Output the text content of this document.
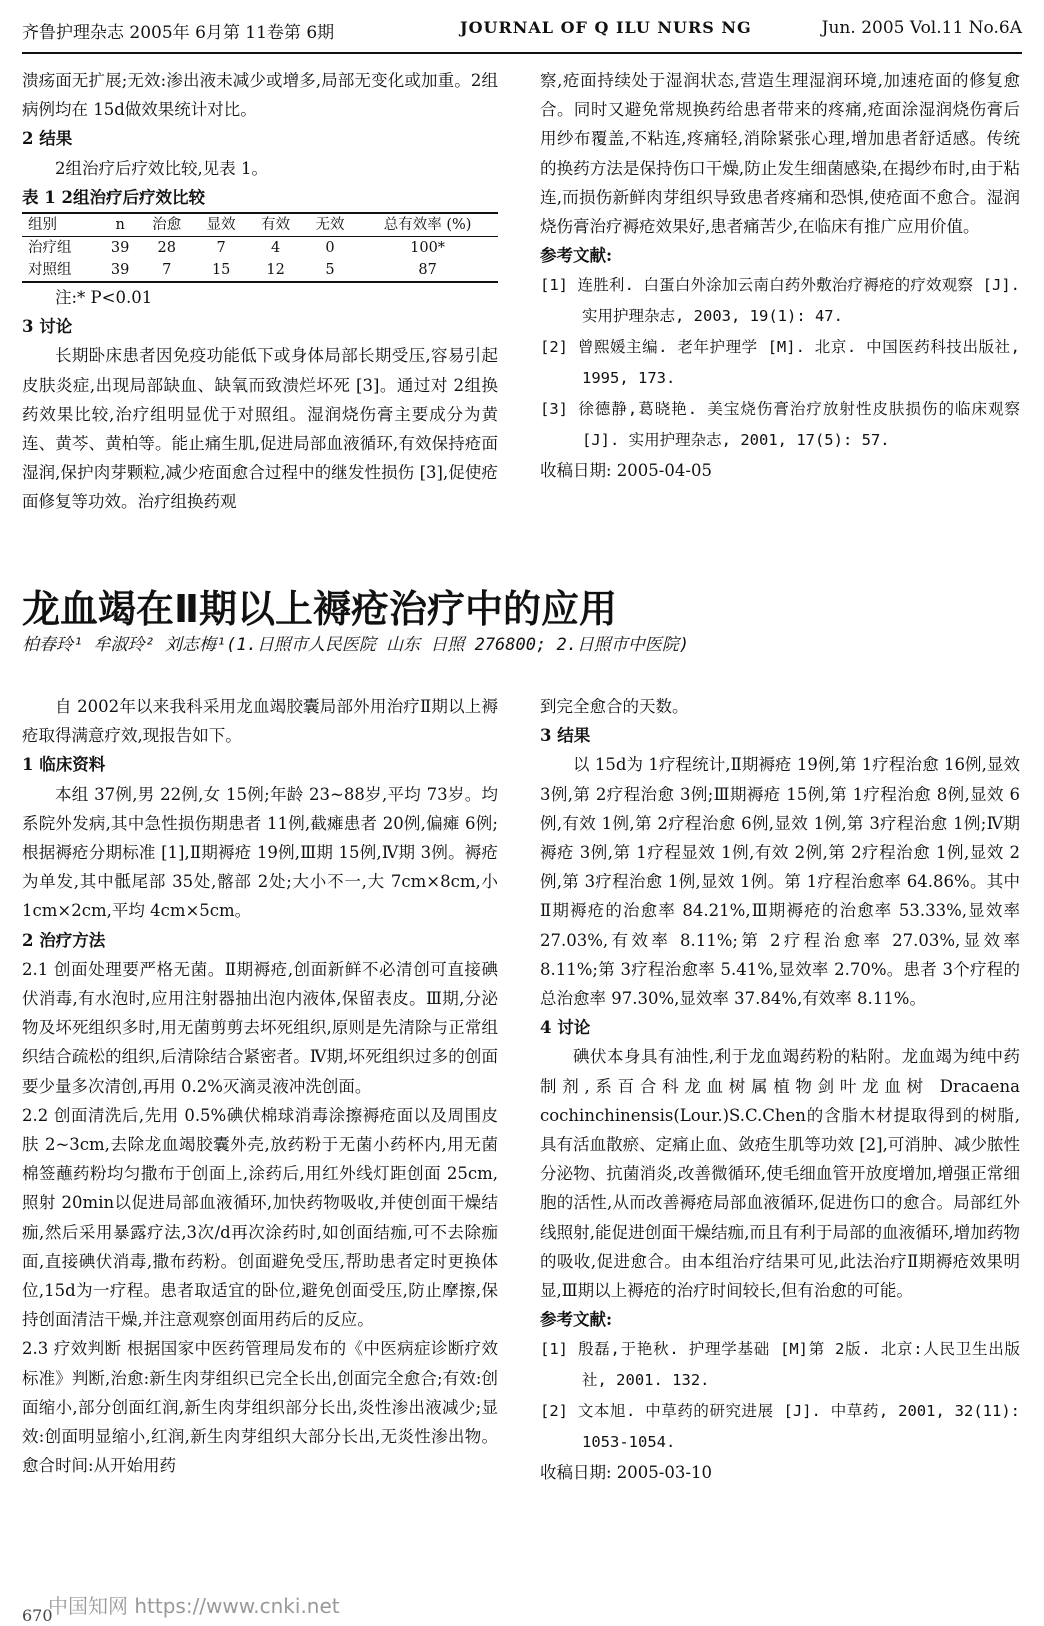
齐鲁护理杂志 2005年 6月第 11卷第 6期	JOURNAL OF Q ILU NURS NG	Jun. 2005 Vol.11 No.6A

溃疡面无扩展;无效:渗出液未减少或增多,局部无变化或加重。2组病例均在 15d做效果统计对比。

2 结果

2组治疗后疗效比较,见表 1。

表 1 2组治疗后疗效比较

组别	n	治愈	显效	有效	无效	总有效率 (%)
治疗组	39	28	7	4	0	100*
对照组	39	7	15	12	5	87

注:* P<0.01

3 讨论

长期卧床患者因免疫功能低下或身体局部长期受压,容易引起皮肤炎症,出现局部缺血、缺氧而致溃烂坏死 [3]。通过对 2组换药效果比较,治疗组明显优于对照组。湿润烧伤膏主要成分为黄连、黄芩、黄柏等。能止痛生肌,促进局部血液循环,有效保持疮面湿润,保护肉芽颗粒,减少疮面愈合过程中的继发性损伤 [3],促使疮面修复等功效。治疗组换药观

察,疮面持续处于湿润状态,营造生理湿润环境,加速疮面的修复愈合。同时又避免常规换药给患者带来的疼痛,疮面涂湿润烧伤膏后用纱布覆盖,不粘连,疼痛轻,消除紧张心理,增加患者舒适感。传统的换药方法是保持伤口干燥,防止发生细菌感染,在揭纱布时,由于粘连,而损伤新鲜肉芽组织导致患者疼痛和恐惧,使疮面不愈合。湿润烧伤膏治疗褥疮效果好,患者痛苦少,在临床有推广应用价值。

参考文献:

[1] 连胜利. 白蛋白外涂加云南白药外敷治疗褥疮的疗效观察 [J]. 实用护理杂志, 2003, 19(1): 47.

[2] 曾熙媛主编. 老年护理学 [M]. 北京. 中国医药科技出版社, 1995, 173.

[3] 徐德静,葛晓艳. 美宝烧伤膏治疗放射性皮肤损伤的临床观察 [J]. 实用护理杂志, 2001, 17(5): 57.

收稿日期: 2005-04-05

龙血竭在Ⅱ期以上褥疮治疗中的应用
柏春玲¹ 牟淑玲² 刘志梅¹(1.日照市人民医院 山东 日照 276800; 2.日照市中医院)

自 2002年以来我科采用龙血竭胶囊局部外用治疗Ⅱ期以上褥疮取得满意疗效,现报告如下。

1 临床资料

本组 37例,男 22例,女 15例;年龄 23~88岁,平均 73岁。均系院外发病,其中急性损伤期患者 11例,截瘫患者 20例,偏瘫 6例;根据褥疮分期标准 [1],Ⅱ期褥疮 19例,Ⅲ期 15例,Ⅳ期 3例。褥疮为单发,其中骶尾部 35处,髂部 2处;大小不一,大 7cm×8cm,小 1cm×2cm,平均 4cm×5cm。

2 治疗方法

2.1 创面处理要严格无菌。Ⅱ期褥疮,创面新鲜不必清创可直接碘伏消毒,有水泡时,应用注射器抽出泡内液体,保留表皮。Ⅲ期,分泌物及坏死组织多时,用无菌剪剪去坏死组织,原则是先清除与正常组织结合疏松的组织,后清除结合紧密者。Ⅳ期,坏死组织过多的创面要少量多次清创,再用 0.2%灭滴灵液冲洗创面。

2.2 创面清洗后,先用 0.5%碘伏棉球消毒涂擦褥疮面以及周围皮肤 2~3cm,去除龙血竭胶囊外壳,放药粉于无菌小药杯内,用无菌棉签蘸药粉均匀撒布于创面上,涂药后,用红外线灯距创面 25cm,照射 20min以促进局部血液循环,加快药物吸收,并使创面干燥结痂,然后采用暴露疗法,3次/d再次涂药时,如创面结痂,可不去除痂面,直接碘伏消毒,撒布药粉。创面避免受压,帮助患者定时更换体位,15d为一疗程。患者取适宜的卧位,避免创面受压,防止摩擦,保持创面清洁干燥,并注意观察创面用药后的反应。

2.3 疗效判断 根据国家中医药管理局发布的《中医病症诊断疗效标准》判断,治愈:新生肉芽组织已完全长出,创面完全愈合;有效:创面缩小,部分创面红润,新生肉芽组织部分长出,炎性渗出液减少;显效:创面明显缩小,红润,新生肉芽组织大部分长出,无炎性渗出物。愈合时间:从开始用药

到完全愈合的天数。

3 结果

以 15d为 1疗程统计,Ⅱ期褥疮 19例,第 1疗程治愈 16例,显效 3例,第 2疗程治愈 3例;Ⅲ期褥疮 15例,第 1疗程治愈 8例,显效 6例,有效 1例,第 2疗程治愈 6例,显效 1例,第 3疗程治愈 1例;Ⅳ期褥疮 3例,第 1疗程显效 1例,有效 2例,第 2疗程治愈 1例,显效 2例,第 3疗程治愈 1例,显效 1例。第 1疗程治愈率 64.86%。其中Ⅱ期褥疮的治愈率 84.21%,Ⅲ期褥疮的治愈率 53.33%,显效率 27.03%,有效率 8.11%;第 2疗程治愈率 27.03%,显效率 8.11%;第 3疗程治愈率 5.41%,显效率 2.70%。患者 3个疗程的总治愈率 97.30%,显效率 37.84%,有效率 8.11%。

4 讨论

碘伏本身具有油性,利于龙血竭药粉的粘附。龙血竭为纯中药制剂,系百合科龙血树属植物剑叶龙血树 Dracaena cochinchinensis(Lour.)S.C.Chen的含脂木材提取得到的树脂,具有活血散瘀、定痛止血、敛疮生肌等功效 [2],可消肿、减少脓性分泌物、抗菌消炎,改善微循环,使毛细血管开放度增加,增强正常细胞的活性,从而改善褥疮局部血液循环,促进伤口的愈合。局部红外线照射,能促进创面干燥结痂,而且有利于局部的血液循环,增加药物的吸收,促进愈合。由本组治疗结果可见,此法治疗Ⅱ期褥疮效果明显,Ⅲ期以上褥疮的治疗时间较长,但有治愈的可能。

参考文献:

[1] 殷磊,于艳秋. 护理学基础 [M]第 2版. 北京:人民卫生出版社, 2001. 132.

[2] 文本旭. 中草药的研究进展 [J]. 中草药, 2001, 32(11): 1053-1054.

收稿日期: 2005-03-10

中国知网 https://www.cnki.net
670
